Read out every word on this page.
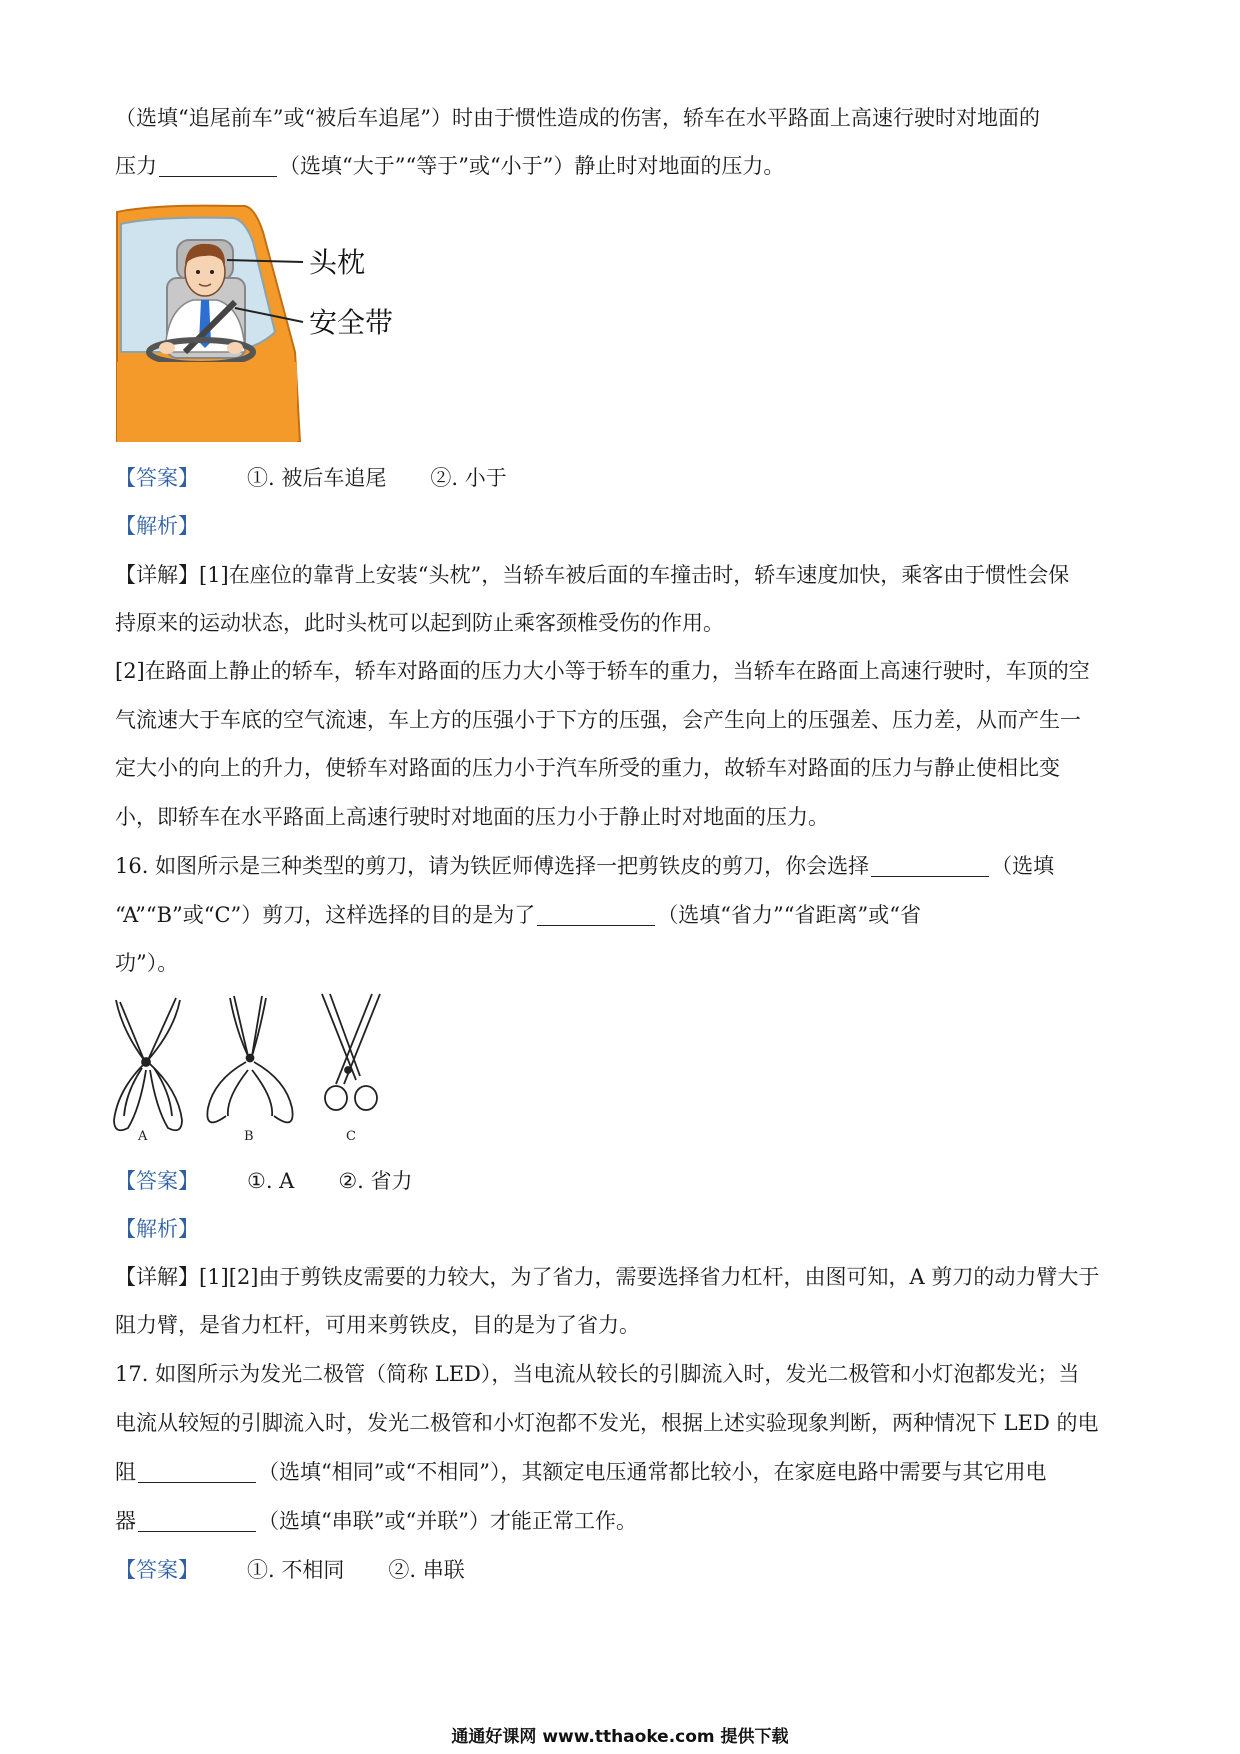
（选填“追尾前车”或“被后车追尾”）时由于惯性造成的伤害，轿车在水平路面上高速行驶时对地面的
压力	（选填“大于”“等于”或“小于”）静止时对地面的压力。
头枕
安全带
【答案】 ①. 被后车追尾 ②. 小于
【解析】
【详解】[1]在座位的靠背上安装“头枕”，当轿车被后面的车撞击时，轿车速度加快，乘客由于惯性会保
持原来的运动状态，此时头枕可以起到防止乘客颈椎受伤的作用。
[2]在路面上静止的轿车，轿车对路面的压力大小等于轿车的重力，当轿车在路面上高速行驶时，车顶的空
气流速大于车底的空气流速，车上方的压强小于下方的压强，会产生向上的压强差、压力差，从而产生一
定大小的向上的升力，使轿车对路面的压力小于汽车所受的重力，故轿车对路面的压力与静止使相比变
小，即轿车在水平路面上高速行驶时对地面的压力小于静止时对地面的压力。
16. 如图所示是三种类型的剪刀，请为铁匠师傅选择一把剪铁皮的剪刀，你会选择	（选填
“A”“B”或“C”）剪刀，这样选择的目的是为了	（选填“省力”“省距离”或“省
功”）。
A	B	C
【答案】 ①. A ②. 省力
【解析】
【详解】[1][2]由于剪铁皮需要的力较大，为了省力，需要选择省力杠杆，由图可知，A 剪刀的动力臂大于
阻力臂，是省力杠杆，可用来剪铁皮，目的是为了省力。
17. 如图所示为发光二极管（简称 LED），当电流从较长的引脚流入时，发光二极管和小灯泡都发光；当
电流从较短的引脚流入时，发光二极管和小灯泡都不发光，根据上述实验现象判断，两种情况下 LED 的电
阻	（选填“相同”或“不相同”），其额定电压通常都比较小，在家庭电路中需要与其它用电
器	（选填“串联”或“并联”）才能正常工作。
【答案】 ①. 不相同 ②. 串联
通通好课网 www.tthaoke.com 提供下载
